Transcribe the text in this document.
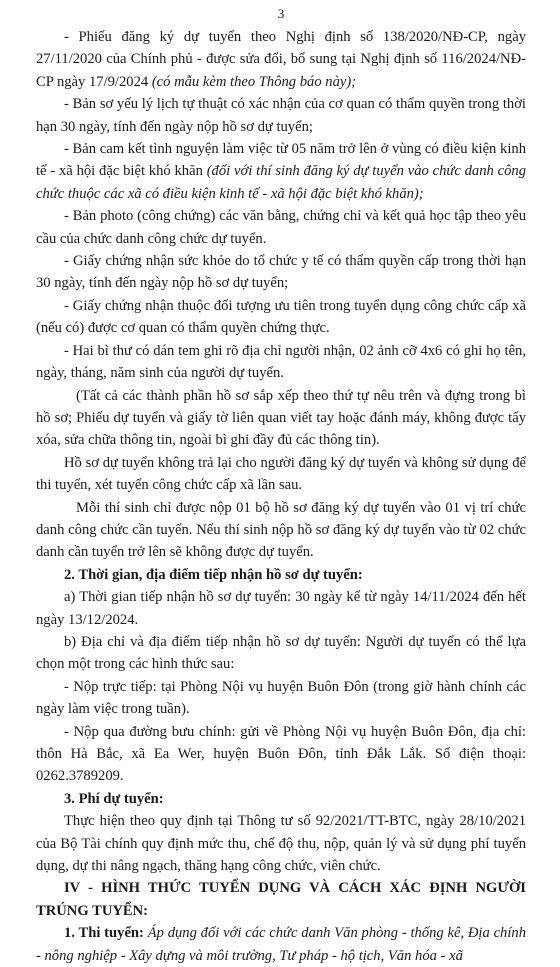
3

- Phiếu đăng ký dự tuyển theo Nghị định số 138/2020/NĐ-CP, ngày 27/11/2020 của Chính phủ - được sửa đổi, bổ sung tại Nghị định số 116/2024/NĐ-CP ngày 17/9/2024 (có mẫu kèm theo Thông báo này);

- Bản sơ yếu lý lịch tự thuật có xác nhận của cơ quan có thẩm quyền trong thời hạn 30 ngày, tính đến ngày nộp hồ sơ dự tuyển;

- Bản cam kết tình nguyện làm việc từ 05 năm trở lên ở vùng có điều kiện kinh tế - xã hội đặc biệt khó khăn (đối với thí sinh đăng ký dự tuyển vào chức danh công chức thuộc các xã có điều kiện kinh tế - xã hội đặc biệt khó khăn);

- Bản photo (công chứng) các văn bằng, chứng chỉ và kết quả học tập theo yêu cầu của chức danh công chức dự tuyển.

- Giấy chứng nhận sức khỏe do tổ chức y tế có thẩm quyền cấp trong thời hạn 30 ngày, tính đến ngày nộp hồ sơ dự tuyển;

- Giấy chứng nhận thuộc đối tượng ưu tiên trong tuyển dụng công chức cấp xã (nếu có) được cơ quan có thẩm quyền chứng thực.

- Hai bì thư có dán tem ghi rõ địa chỉ người nhận, 02 ảnh cỡ 4x6 có ghi họ tên, ngày, tháng, năm sinh của người dự tuyển.

(Tất cả các thành phần hồ sơ sắp xếp theo thứ tự nêu trên và đựng trong bì hồ sơ; Phiếu dự tuyển và giấy tờ liên quan viết tay hoặc đánh máy, không được tẩy xóa, sửa chữa thông tin, ngoài bì ghi đầy đủ các thông tin).

Hồ sơ dự tuyển không trả lại cho người đăng ký dự tuyển và không sử dụng để thi tuyển, xét tuyển công chức cấp xã lần sau.

Mỗi thí sinh chỉ được nộp 01 bộ hồ sơ đăng ký dự tuyển vào 01 vị trí chức danh công chức cần tuyển. Nếu thí sinh nộp hồ sơ đăng ký dự tuyển vào từ 02 chức danh cần tuyển trở lên sẽ không được dự tuyển.

2. Thời gian, địa điểm tiếp nhận hồ sơ dự tuyển:

a) Thời gian tiếp nhận hồ sơ dự tuyển: 30 ngày kể từ ngày 14/11/2024 đến hết ngày 13/12/2024.

b) Địa chỉ và địa điểm tiếp nhận hồ sơ dự tuyển: Người dự tuyển có thể lựa chọn một trong các hình thức sau:

- Nộp trực tiếp: tại Phòng Nội vụ huyện Buôn Đôn (trong giờ hành chính các ngày làm việc trong tuần).

- Nộp qua đường bưu chính: gửi về Phòng Nội vụ huyện Buôn Đôn, địa chỉ: thôn Hà Bắc, xã Ea Wer, huyện Buôn Đôn, tỉnh Đắk Lắk. Số điện thoại: 0262.3789209.

3. Phí dự tuyển:

Thực hiện theo quy định tại Thông tư số 92/2021/TT-BTC, ngày 28/10/2021 của Bộ Tài chính quy định mức thu, chế độ thu, nộp, quản lý và sử dụng phí tuyển dụng, dự thi nâng ngạch, thăng hạng công chức, viên chức.

IV - HÌNH THỨC TUYỂN DỤNG VÀ CÁCH XÁC ĐỊNH NGƯỜI TRÚNG TUYỂN:

1. Thi tuyển: Áp dụng đối với các chức danh Văn phòng - thống kê, Địa chính - nông nghiệp - Xây dựng và môi trường, Tư pháp - hộ tịch, Văn hóa - xã
